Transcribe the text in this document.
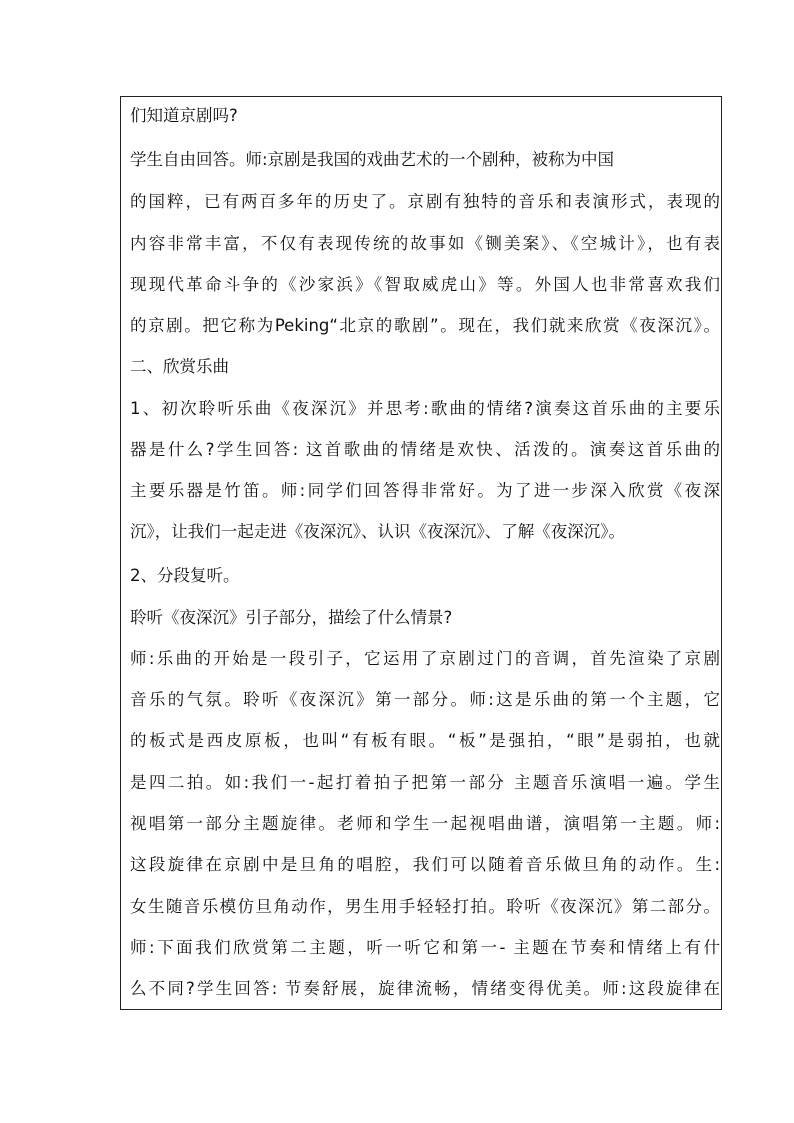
们知道京剧吗?
学生自由回答。师:京剧是我国的戏曲艺术的一个剧种，被称为中国
的国粹，已有两百多年的历史了。京剧有独特的音乐和表演形式，表现的
内容非常丰富，不仅有表现传统的故事如《铡美案》、《空城计》，也有表
现现代革命斗争的《沙家浜》《智取威虎山》等。外国人也非常喜欢我们
的京剧。把它称为Peking“北京的歌剧”。现在，我们就来欣赏《夜深沉》。
二、欣赏乐曲
1、初次聆听乐曲《夜深沉》并思考:歌曲的情绪?演奏这首乐曲的主要乐
器是什么?学生回答: 这首歌曲的情绪是欢快、活泼的。演奏这首乐曲的
主要乐器是竹笛。师:同学们回答得非常好。为了进一步深入欣赏《夜深
沉》，让我们一起走进《夜深沉》、认识《夜深沉》、了解《夜深沉》。
2、分段复听。
聆听《夜深沉》引子部分，描绘了什么情景?
师:乐曲的开始是一段引子，它运用了京剧过门的音调，首先渲染了京剧
音乐的气氛。聆听《夜深沉》第一部分。师:这是乐曲的第一个主题，它
的板式是西皮原板，也叫“有板有眼。“板”是强拍，“眼”是弱拍，也就
是四二拍。如:我们一-起打着拍子把第一部分 主题音乐演唱一遍。学生
视唱第一部分主题旋律。老师和学生一起视唱曲谱，演唱第一主题。师:
这段旋律在京剧中是旦角的唱腔，我们可以随着音乐做旦角的动作。生:
女生随音乐模仿旦角动作，男生用手轻轻打拍。聆听《夜深沉》第二部分。
师:下面我们欣赏第二主题，听一听它和第一- 主题在节奏和情绪上有什
么不同?学生回答: 节奏舒展，旋律流畅，情绪变得优美。师:这段旋律在
